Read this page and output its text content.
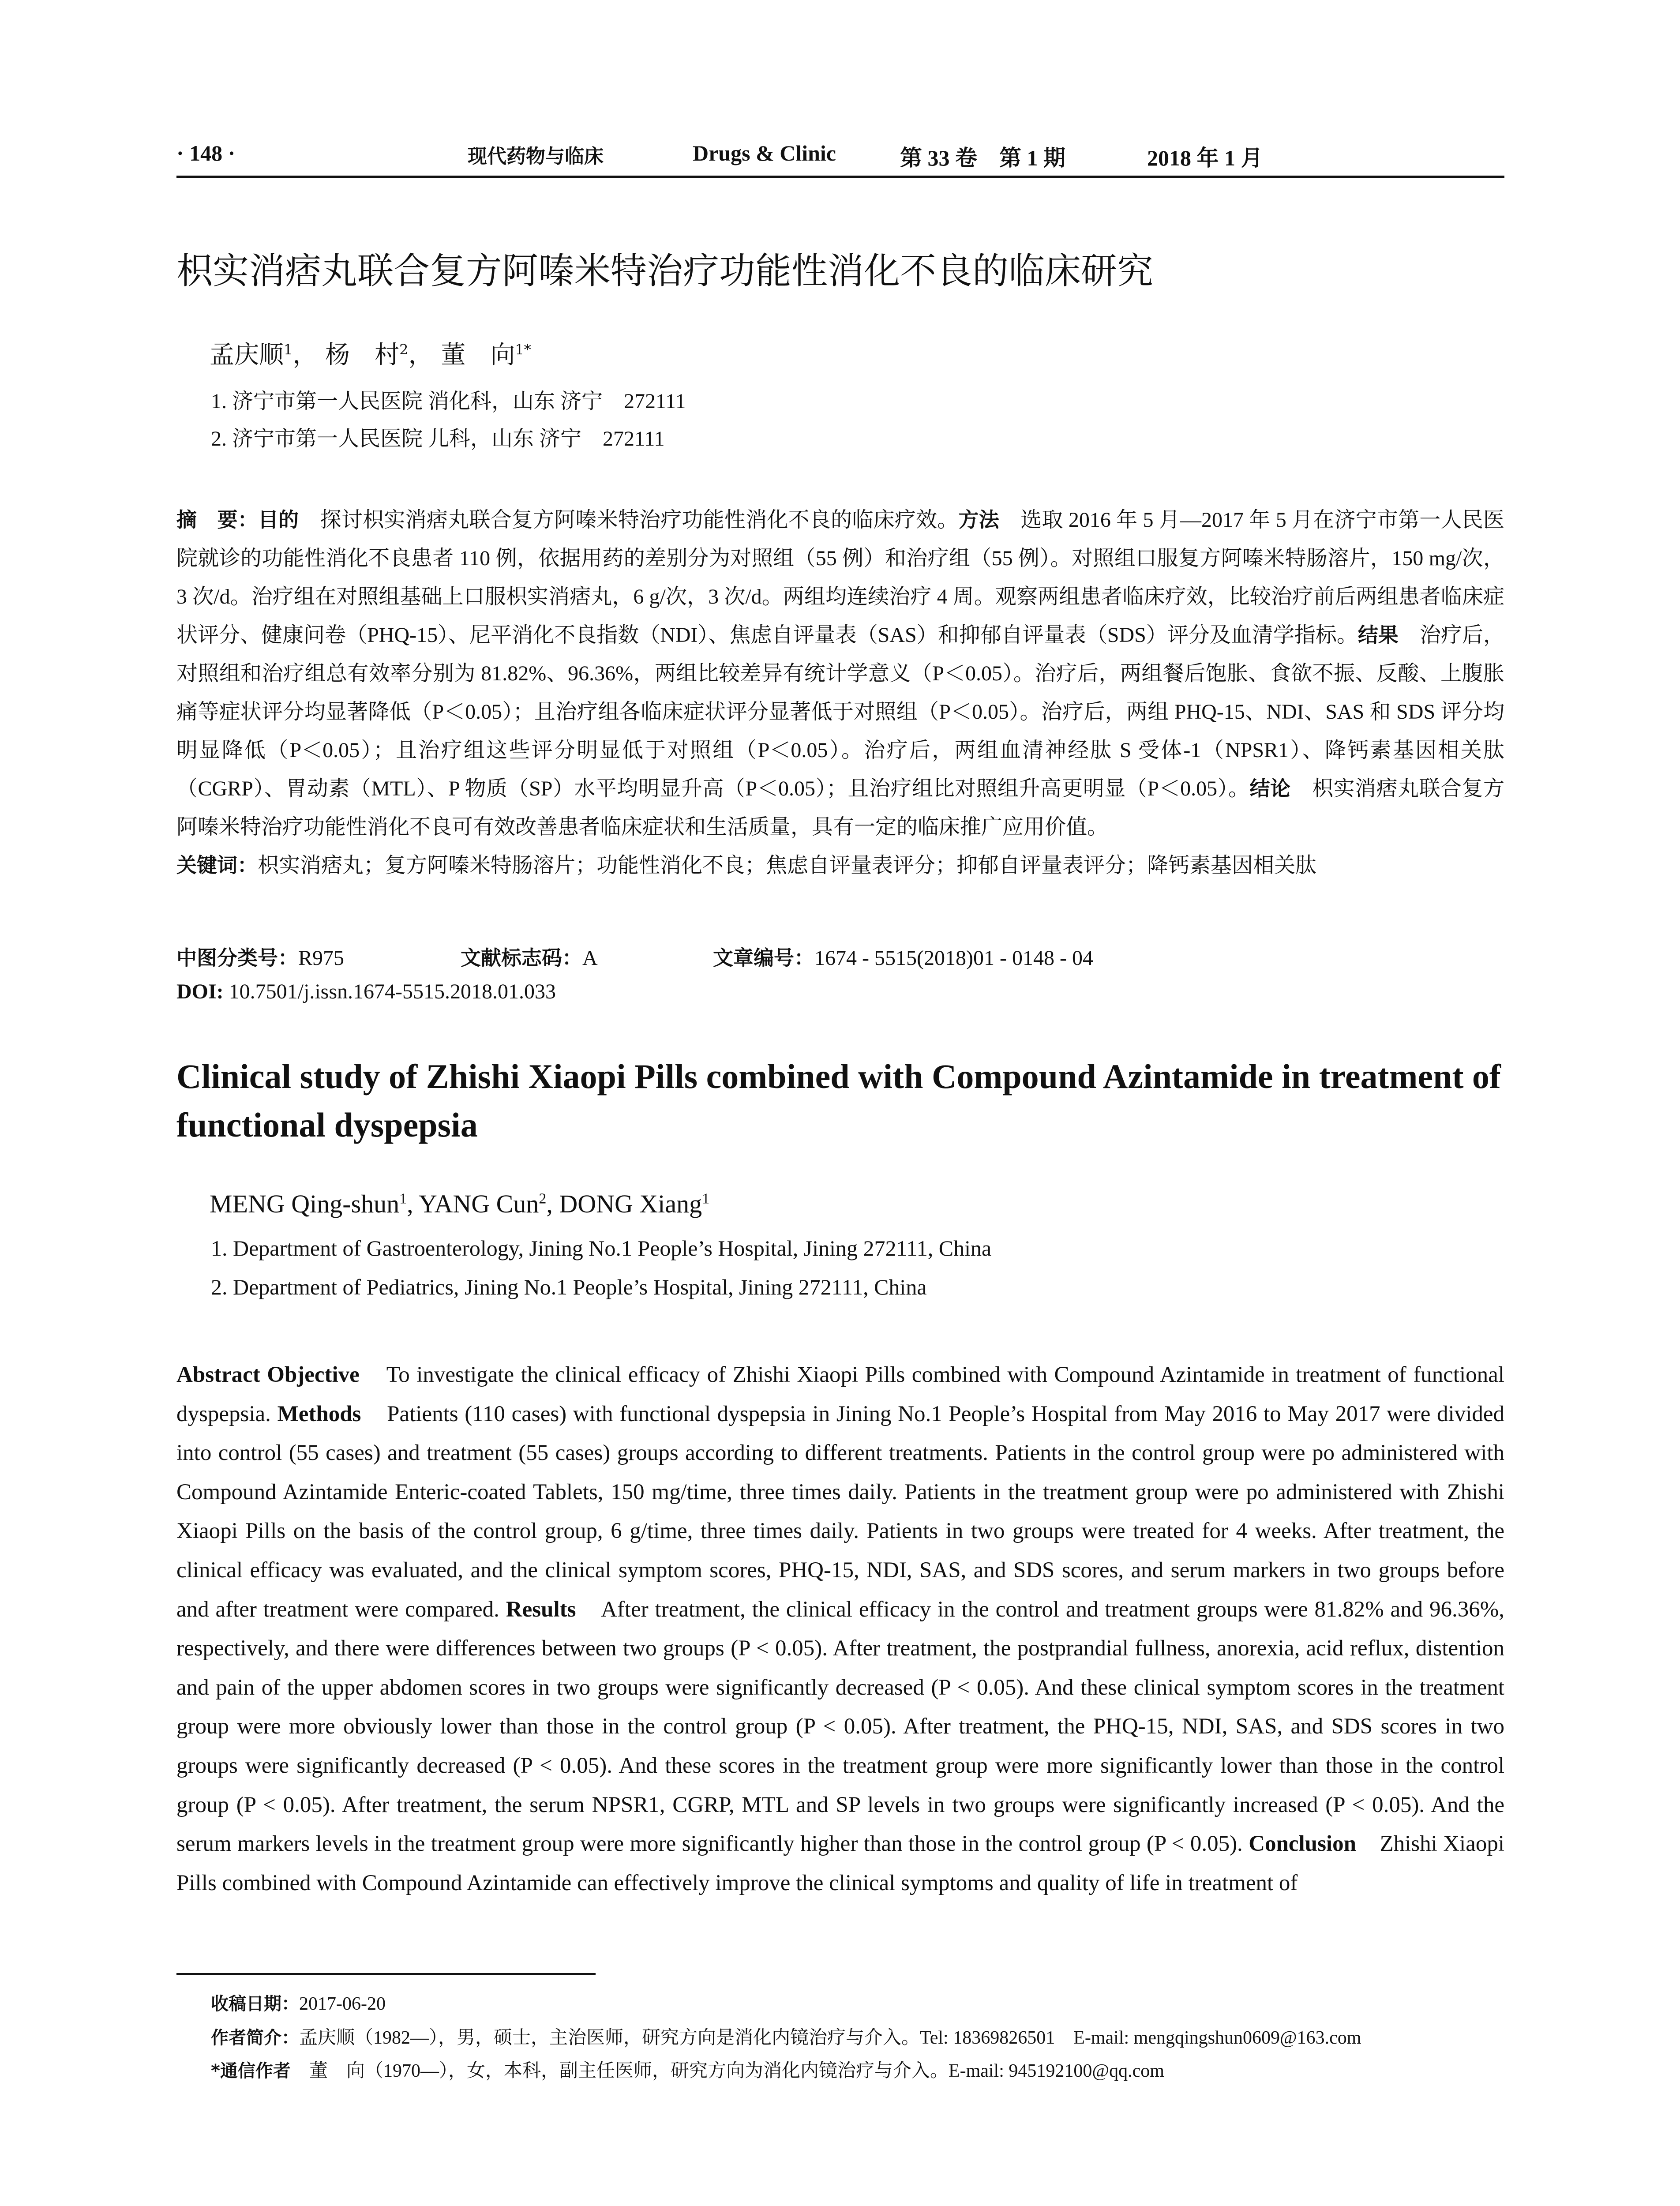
· 148 ·	现代药物与临床	Drugs & Clinic	第 33 卷　第 1 期	2018 年 1 月
枳实消痞丸联合复方阿嗪米特治疗功能性消化不良的临床研究
孟庆顺$^1$， 杨　村$^2$， 董　向$^{1*}$
1. 济宁市第一人民医院 消化科，山东 济宁　272111
2. 济宁市第一人民医院 儿科，山东 济宁　272111
摘　要：目的　 探讨枳实消痞丸联合复方阿嗪米特治疗功能性消化不良的临床疗效。方法　 选取 2016 年 5 月—2017 年 5 月在济宁市第一人民医院就诊的功能性消化不良患者 110 例，依据用药的差别分为对照组（55 例）和治疗组（55 例）。对照组口服复方阿嗪米特肠溶片，150 mg/次，3 次/d。治疗组在对照组基础上口服枳实消痞丸，6 g/次，3 次/d。两组均连续治疗 4 周。观察两组患者临床疗效，比较治疗前后两组患者临床症状评分、健康问卷（PHQ-15）、尼平消化不良指数（NDI）、焦虑自评量表（SAS）和抑郁自评量表（SDS）评分及血清学指标。结果　 治疗后，对照组和治疗组总有效率分别为 81.82%、96.36%，两组比较差异有统计学意义（P＜0.05）。治疗后，两组餐后饱胀、食欲不振、反酸、上腹胀痛等症状评分均显著降低（P＜0.05）；且治疗组各临床症状评分显著低于对照组（P＜0.05）。治疗后，两组 PHQ-15、NDI、SAS 和 SDS 评分均明显降低（P＜0.05）；且治疗组这些评分明显低于对照组（P＜0.05）。治疗后，两组血清神经肽 S 受体-1（NPSR1）、降钙素基因相关肽（CGRP）、胃动素（MTL）、P 物质（SP）水平均明显升高（P＜0.05）；且治疗组比对照组升高更明显（P＜0.05）。结论　 枳实消痞丸联合复方阿嗪米特治疗功能性消化不良可有效改善患者临床症状和生活质量，具有一定的临床推广应用价值。
关键词：枳实消痞丸；复方阿嗪米特肠溶片；功能性消化不良；焦虑自评量表评分；抑郁自评量表评分；降钙素基因相关肽
中图分类号：R975	文献标志码：A	文章编号：1674 - 5515(2018)01 - 0148 - 04
DOI: 10.7501/j.issn.1674-5515.2018.01.033
Clinical study of Zhishi Xiaopi Pills combined with Compound Azintamide in treatment of functional dyspepsia
MENG Qing-shun$^1$, YANG Cun$^2$, DONG Xiang$^1$
1. Department of Gastroenterology, Jining No.1 People’s Hospital, Jining 272111, China
2. Department of Pediatrics, Jining No.1 People’s Hospital, Jining 272111, China
Abstract Objective To investigate the clinical efficacy of Zhishi Xiaopi Pills combined with Compound Azintamide in treatment of functional dyspepsia. Methods Patients (110 cases) with functional dyspepsia in Jining No.1 People’s Hospital from May 2016 to May 2017 were divided into control (55 cases) and treatment (55 cases) groups according to different treatments. Patients in the control group were po administered with Compound Azintamide Enteric-coated Tablets, 150 mg/time, three times daily. Patients in the treatment group were po administered with Zhishi Xiaopi Pills on the basis of the control group, 6 g/time, three times daily. Patients in two groups were treated for 4 weeks. After treatment, the clinical efficacy was evaluated, and the clinical symptom scores, PHQ-15, NDI, SAS, and SDS scores, and serum markers in two groups before and after treatment were compared. Results After treatment, the clinical efficacy in the control and treatment groups were 81.82% and 96.36%, respectively, and there were differences between two groups (P < 0.05). After treatment, the postprandial fullness, anorexia, acid reflux, distention and pain of the upper abdomen scores in two groups were significantly decreased (P < 0.05). And these clinical symptom scores in the treatment group were more obviously lower than those in the control group (P < 0.05). After treatment, the PHQ-15, NDI, SAS, and SDS scores in two groups were significantly decreased (P < 0.05). And these scores in the treatment group were more significantly lower than those in the control group (P < 0.05). After treatment, the serum NPSR1, CGRP, MTL and SP levels in two groups were significantly increased (P < 0.05). And the serum markers levels in the treatment group were more significantly higher than those in the control group (P < 0.05). Conclusion Zhishi Xiaopi Pills combined with Compound Azintamide can effectively improve the clinical symptoms and quality of life in treatment of
收稿日期：2017-06-20
作者简介：孟庆顺（1982—），男，硕士，主治医师，研究方向是消化内镜治疗与介入。Tel: 18369826501　E-mail: mengqingshun0609@163.com
*通信作者　 董　向（1970—），女，本科，副主任医师，研究方向为消化内镜治疗与介入。E-mail: 945192100@qq.com
